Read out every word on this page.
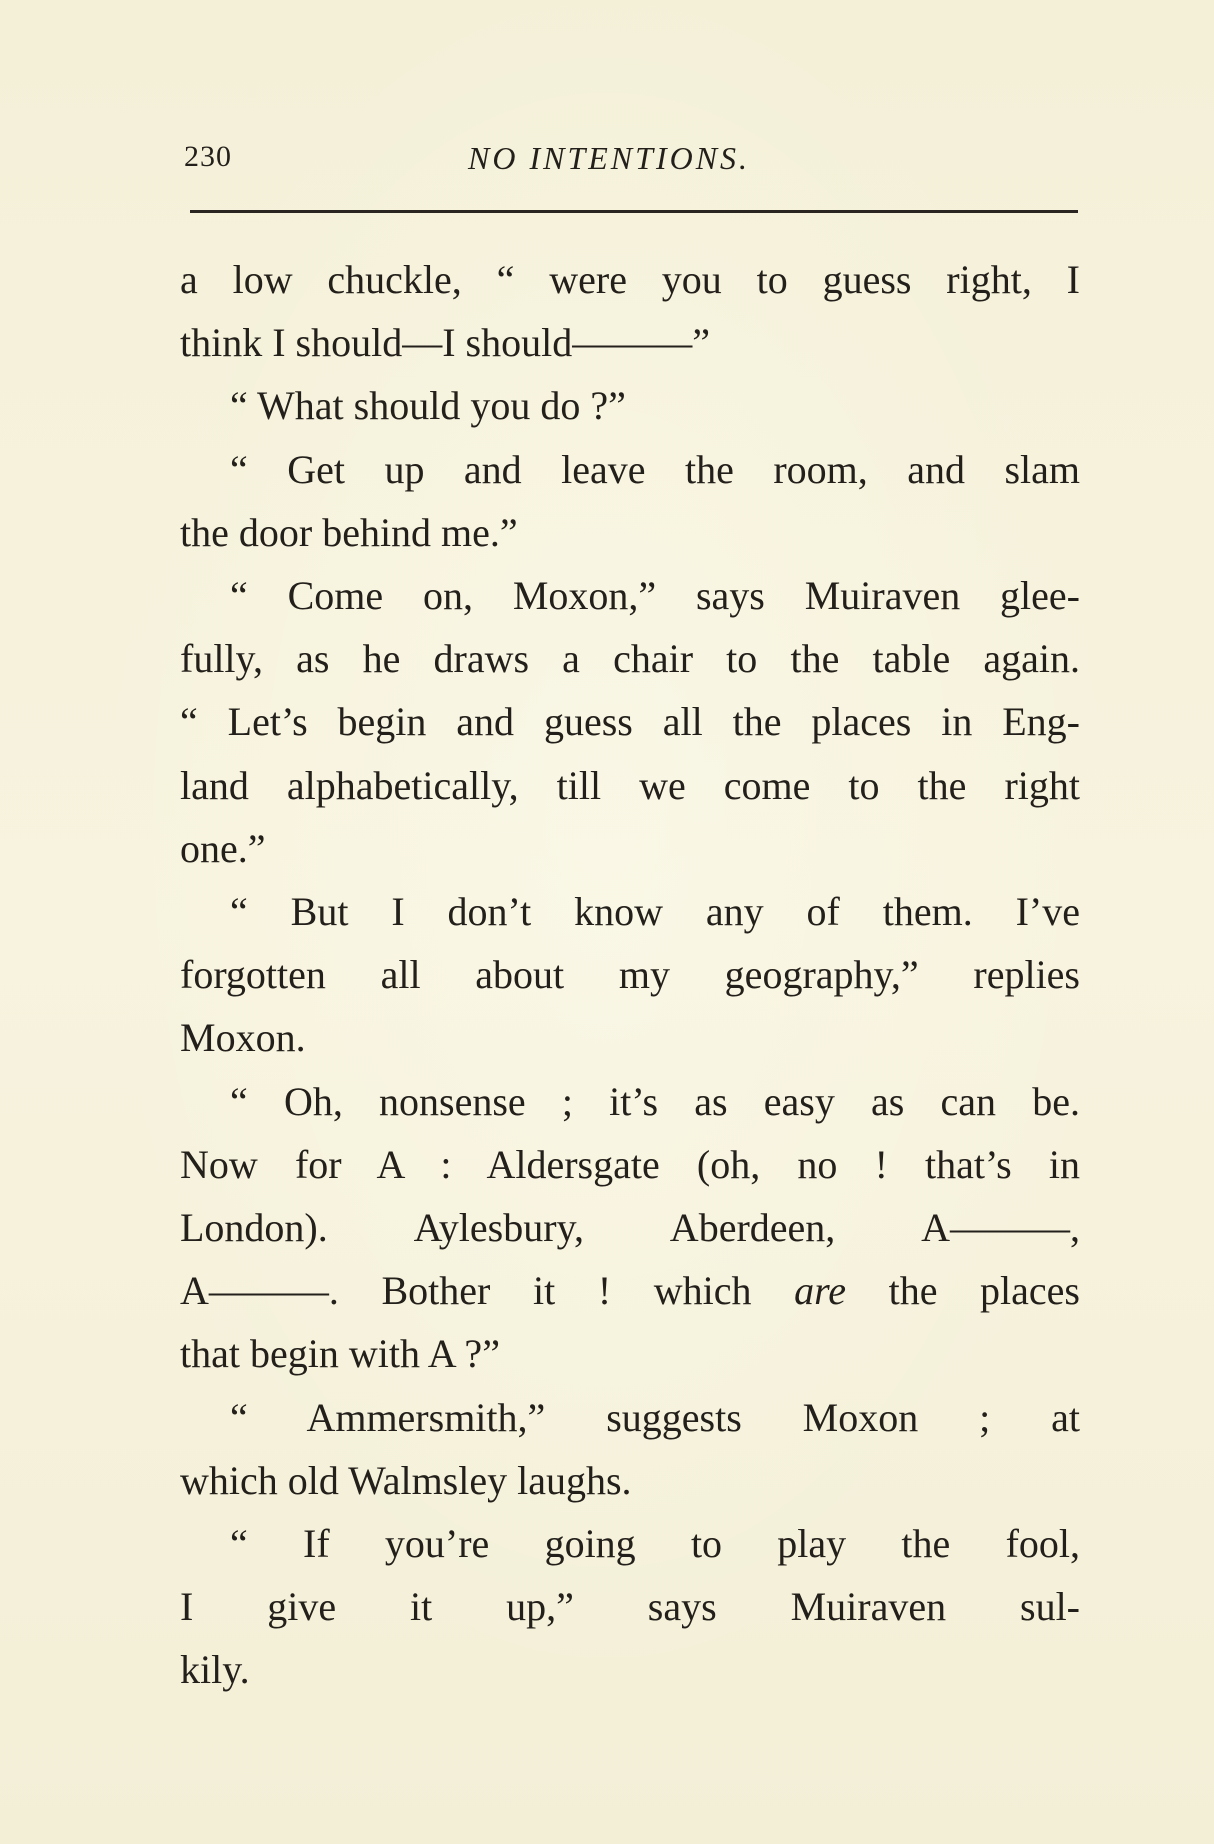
230	NO INTENTIONS.

a low chuckle, “ were you to guess right, I

think I should—I should———”

“ What should you do ?”

“ Get up and leave the room, and slam

the door behind me.”

“ Come on, Moxon,” says Muiraven glee-

fully, as he draws a chair to the table again.

“ Let’s begin and guess all the places in Eng-

land alphabetically, till we come to the right

one.”

“ But I don’t know any of them. I’ve

forgotten all about my geography,” replies

Moxon.

“ Oh, nonsense ; it’s as easy as can be.

Now for A : Aldersgate (oh, no ! that’s in

London). Aylesbury, Aberdeen, A———,

A———. Bother it ! which are the places

that begin with A ?”

“ Ammersmith,” suggests Moxon ; at

which old Walmsley laughs.

“ If you’re going to play the fool,

I give it up,” says Muiraven sul-

kily.
